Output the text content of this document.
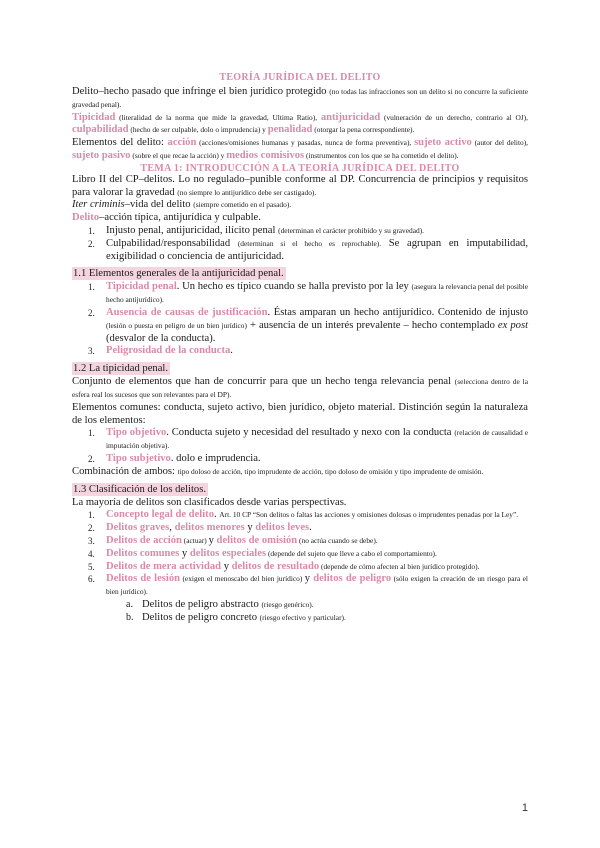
TEORÍA JURÍDICA DEL DELITO

Delito–hecho pasado que infringe el bien jurídico protegido (no todas las infracciones son un delito si no concurre la suficiente gravedad penal).

Tipicidad (literalidad de la norma que mide la gravedad, Ultima Ratio), antijuricidad (vulneración de un derecho, contrario al OJ), culpabilidad (hecho de ser culpable, dolo o imprudencia) y penalidad (otorgar la pena correspondiente).

Elementos del delito: acción (acciones/omisiones humanas y pasadas, nunca de forma preventiva), sujeto activo (autor del delito), sujeto pasivo (sobre el que recae la acción) y medios comisivos (instrumentos con los que se ha cometido el delito).

TEMA 1: INTRODUCCIÓN A LA TEORÍA JURÍDICA DEL DELITO

Libro II del CP–delitos. Lo no regulado–punible conforme al DP. Concurrencia de principios y requisitos para valorar la gravedad (no siempre lo antijurídico debe ser castigado).

Iter criminis–vida del delito (siempre cometido en el pasado).

Delito–acción típica, antijurídica y culpable.

1. Injusto penal, antijuricidad, ilícito penal (determinan el carácter prohibido y su gravedad).
2. Culpabilidad/responsabilidad (determinan si el hecho es reprochable). Se agrupan en imputabilidad, exigibilidad o conciencia de antijuricidad.
1.1 Elementos generales de la antijuricidad penal.
1. Tipicidad penal. Un hecho es típico cuando se halla previsto por la ley (asegura la relevancia penal del posible hecho antijurídico).
2. Ausencia de causas de justificación. Éstas amparan un hecho antijurídico. Contenido de injusto (lesión o puesta en peligro de un bien jurídico) + ausencia de un interés prevalente – hecho contemplado ex post (desvalor de la conducta).
3. Peligrosidad de la conducta.
1.2 La tipicidad penal.

Conjunto de elementos que han de concurrir para que un hecho tenga relevancia penal (selecciona dentro de la esfera real los sucesos que son relevantes para el DP).

Elementos comunes: conducta, sujeto activo, bien jurídico, objeto material. Distinción según la naturaleza de los elementos:

1. Tipo objetivo. Conducta sujeto y necesidad del resultado y nexo con la conducta (relación de causalidad e imputación objetiva).
2. Tipo subjetivo. dolo e imprudencia.

Combinación de ambos: tipo doloso de acción, tipo imprudente de acción, tipo doloso de omisión y tipo imprudente de omisión.

1.3 Clasificación de los delitos.

La mayoría de delitos son clasificados desde varias perspectivas.

1. Concepto legal de delito. Art. 10 CP “Son delitos o faltas las acciones y omisiones dolosas o imprudentes penadas por la Ley”.
2. Delitos graves, delitos menores y delitos leves.
3. Delitos de acción (actuar) y delitos de omisión (no actúa cuando se debe).
4. Delitos comunes y delitos especiales (depende del sujeto que lleve a cabo el comportamiento).
5. Delitos de mera actividad y delitos de resultado (depende de cómo afecten al bien jurídico protegido).
6. Delitos de lesión (exigen el menoscabo del bien jurídico) y delitos de peligro (sólo exigen la creación de un riesgo para el bien jurídico).
a. Delitos de peligro abstracto (riesgo genérico).
b. Delitos de peligro concreto (riesgo efectivo y particular).
1
